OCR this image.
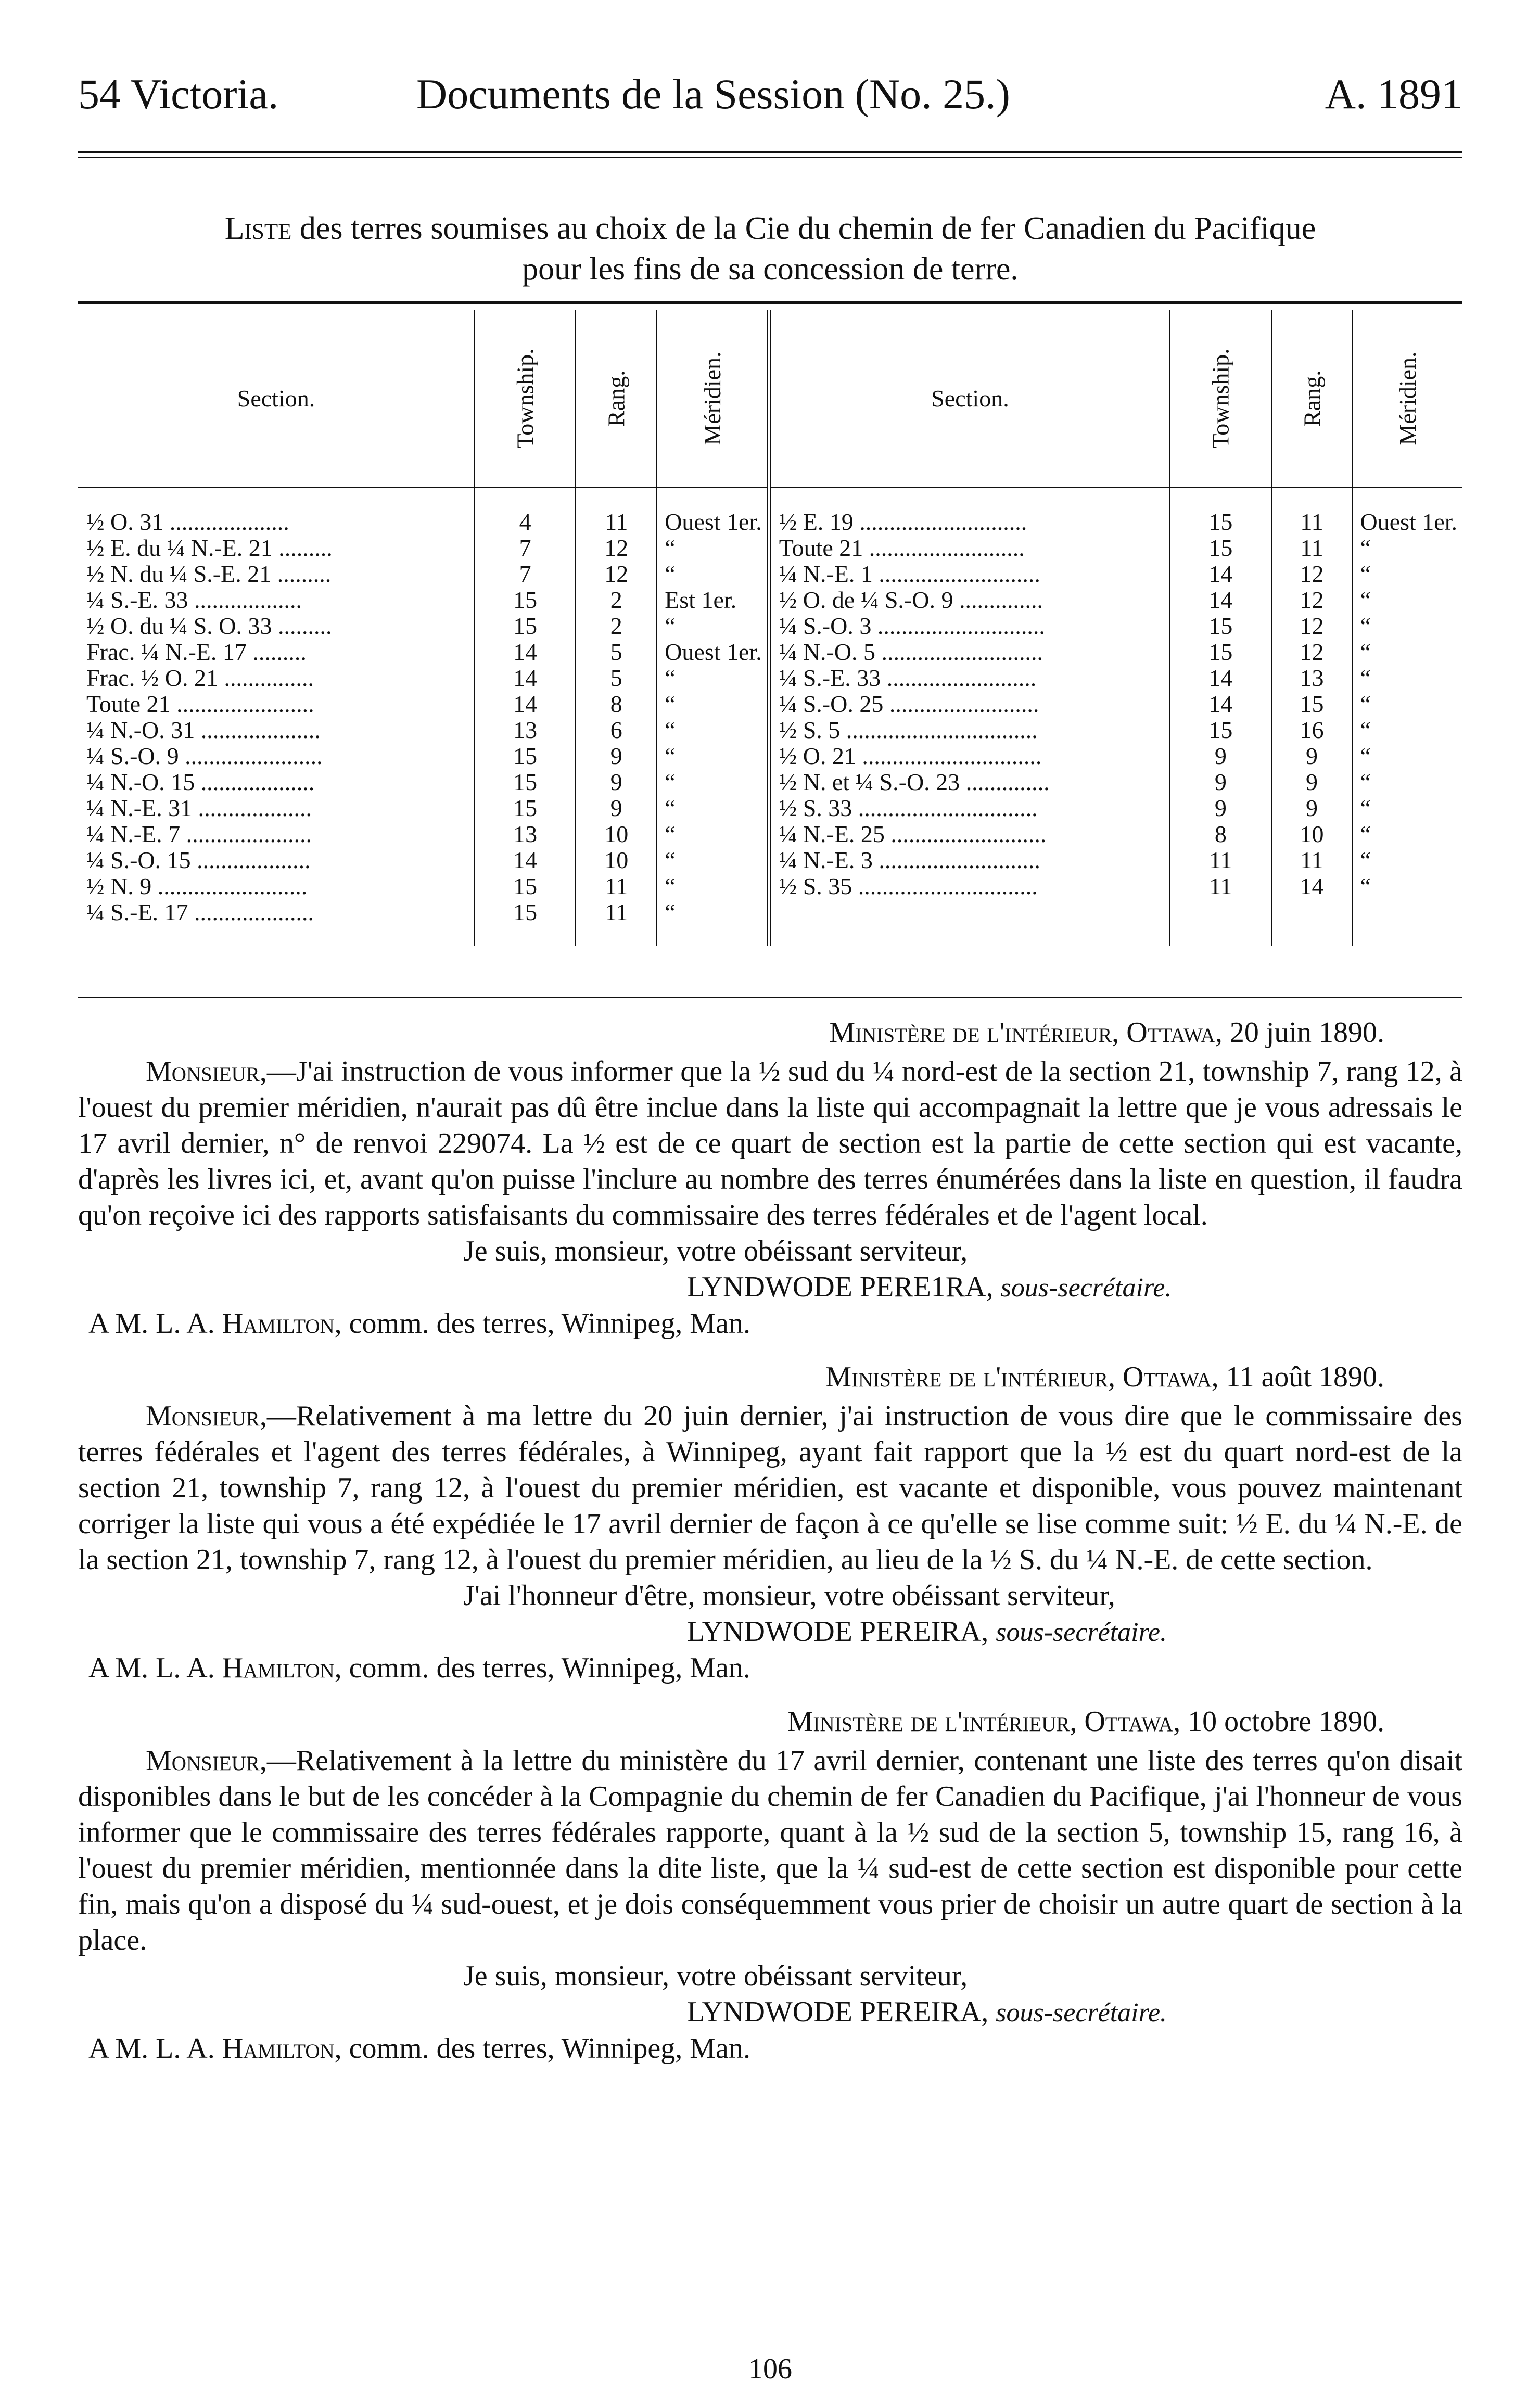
54 Victoria.	Documents de la Session (No. 25.)	A. 1891
Liste des terres soumises au choix de la Cie du chemin de fer Canadien du Pacifique
pour les fins de sa concession de terre.
Section.	Township.	Rang.	Méridien.	Section.	Township.	Rang.	Méridien.

½ O. 31 ....................	4	11	Ouest 1er.	½ E. 19 ............................	15	11	Ouest 1er.
½ E. du ¼ N.-E. 21 .........	7	12	“	Toute 21 ..........................	15	11	“
½ N. du ¼ S.-E. 21 .........	7	12	“	¼ N.-E. 1 ...........................	14	12	“
¼ S.-E. 33 ..................	15	2	Est 1er.	½ O. de ¼ S.-O. 9 ..............	14	12	“
½ O. du ¼ S. O. 33 .........	15	2	“	¼ S.-O. 3 ............................	15	12	“
Frac. ¼ N.-E. 17 .........	14	5	Ouest 1er.	¼ N.-O. 5 ...........................	15	12	“
Frac. ½ O. 21 ...............	14	5	“	¼ S.-E. 33 .........................	14	13	“
Toute 21 .......................	14	8	“	¼ S.-O. 25 .........................	14	15	“
¼ N.-O. 31 ....................	13	6	“	½ S. 5 ................................	15	16	“
¼ S.-O. 9 .......................	15	9	“	½ O. 21 ..............................	9	9	“
¼ N.-O. 15 ...................	15	9	“	½ N. et ¼ S.-O. 23 ..............	9	9	“
¼ N.-E. 31 ...................	15	9	“	½ S. 33 ..............................	9	9	“
¼ N.-E. 7 .....................	13	10	“	¼ N.-E. 25 ..........................	8	10	“
¼ S.-O. 15 ...................	14	10	“	¼ N.-E. 3 ...........................	11	11	“
½ N. 9 .........................	15	11	“	½ S. 35 ..............................	11	14	“
¼ S.-E. 17 ....................	15	11	“				
Ministère de l'intérieur, Ottawa, 20 juin 1890.

Monsieur,—J'ai instruction de vous informer que la ½ sud du ¼ nord-est de la section 21, township 7, rang 12, à l'ouest du premier méridien, n'aurait pas dû être inclue dans la liste qui accompagnait la lettre que je vous adressais le 17 avril dernier, n° de renvoi 229074. La ½ est de ce quart de section est la partie de cette section qui est vacante, d'après les livres ici, et, avant qu'on puisse l'inclure au nombre des terres énumérées dans la liste en question, il faudra qu'on reçoive ici des rapports satisfaisants du commissaire des terres fédérales et de l'agent local.

Je suis, monsieur, votre obéissant serviteur,
LYNDWODE PERE1RA, sous-secrétaire.
A M. L. A. Hamilton, comm. des terres, Winnipeg, Man.
Ministère de l'intérieur, Ottawa, 11 août 1890.

Monsieur,—Relativement à ma lettre du 20 juin dernier, j'ai instruction de vous dire que le commissaire des terres fédérales et l'agent des terres fédérales, à Winnipeg, ayant fait rapport que la ½ est du quart nord-est de la section 21, township 7, rang 12, à l'ouest du premier méridien, est vacante et disponible, vous pouvez maintenant corriger la liste qui vous a été expédiée le 17 avril dernier de façon à ce qu'elle se lise comme suit: ½ E. du ¼ N.-E. de la section 21, township 7, rang 12, à l'ouest du premier méridien, au lieu de la ½ S. du ¼ N.-E. de cette section.

J'ai l'honneur d'être, monsieur, votre obéissant serviteur,
LYNDWODE PEREIRA, sous-secrétaire.
A M. L. A. Hamilton, comm. des terres, Winnipeg, Man.
Ministère de l'intérieur, Ottawa, 10 octobre 1890.

Monsieur,—Relativement à la lettre du ministère du 17 avril dernier, contenant une liste des terres qu'on disait disponibles dans le but de les concéder à la Compagnie du chemin de fer Canadien du Pacifique, j'ai l'honneur de vous informer que le commissaire des terres fédérales rapporte, quant à la ½ sud de la section 5, township 15, rang 16, à l'ouest du premier méridien, mentionnée dans la dite liste, que la ¼ sud-est de cette section est disponible pour cette fin, mais qu'on a disposé du ¼ sud-ouest, et je dois conséquemment vous prier de choisir un autre quart de section à la place.

Je suis, monsieur, votre obéissant serviteur,
LYNDWODE PEREIRA, sous-secrétaire.
A M. L. A. Hamilton, comm. des terres, Winnipeg, Man.
106
